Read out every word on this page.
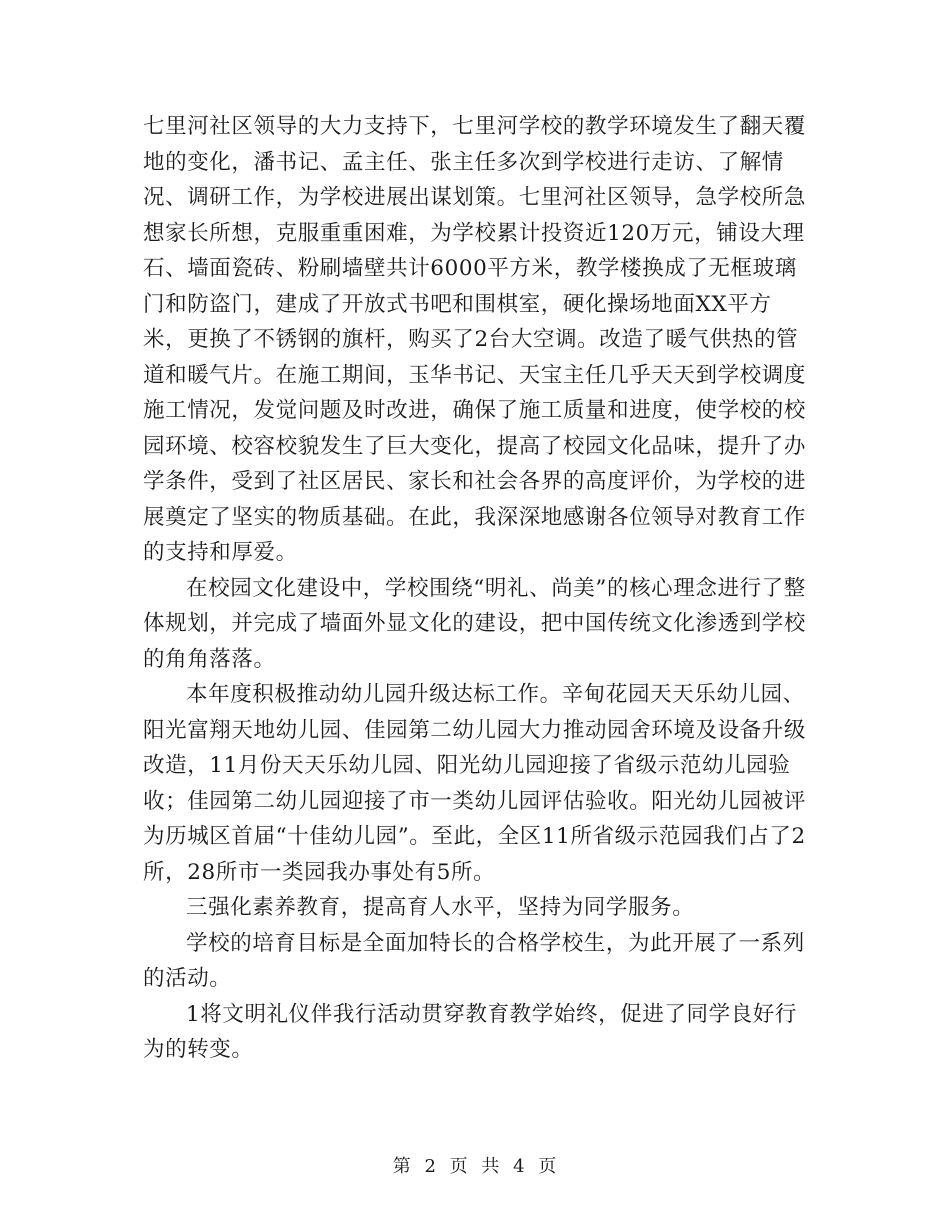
七里河社区领导的大力支持下，七里河学校的教学环境发生了翻天覆地的变化，潘书记、孟主任、张主任多次到学校进行走访、了解情况、调研工作，为学校进展出谋划策。七里河社区领导，急学校所急想家长所想，克服重重困难，为学校累计投资近120万元，铺设大理石、墙面瓷砖、粉刷墙壁共计6000平方米，教学楼换成了无框玻璃门和防盗门，建成了开放式书吧和围棋室，硬化操场地面XX平方米，更换了不锈钢的旗杆，购买了2台大空调。改造了暖气供热的管道和暖气片。在施工期间，玉华书记、天宝主任几乎天天到学校调度施工情况，发觉问题及时改进，确保了施工质量和进度，使学校的校园环境、校容校貌发生了巨大变化，提高了校园文化品味，提升了办学条件，受到了社区居民、家长和社会各界的高度评价，为学校的进展奠定了坚实的物质基础。在此，我深深地感谢各位领导对教育工作的支持和厚爱。

在校园文化建设中，学校围绕“明礼、尚美”的核心理念进行了整体规划，并完成了墙面外显文化的建设，把中国传统文化渗透到学校的角角落落。

本年度积极推动幼儿园升级达标工作。辛甸花园天天乐幼儿园、阳光富翔天地幼儿园、佳园第二幼儿园大力推动园舍环境及设备升级改造，11月份天天乐幼儿园、阳光幼儿园迎接了省级示范幼儿园验收；佳园第二幼儿园迎接了市一类幼儿园评估验收。阳光幼儿园被评为历城区首届“十佳幼儿园”。至此，全区11所省级示范园我们占了2所，28所市一类园我办事处有5所。

三强化素养教育，提高育人水平，坚持为同学服务。

学校的培育目标是全面加特长的合格学校生，为此开展了一系列的活动。

1将文明礼仪伴我行活动贯穿教育教学始终，促进了同学良好行为的转变。

第 2 页 共 4 页
